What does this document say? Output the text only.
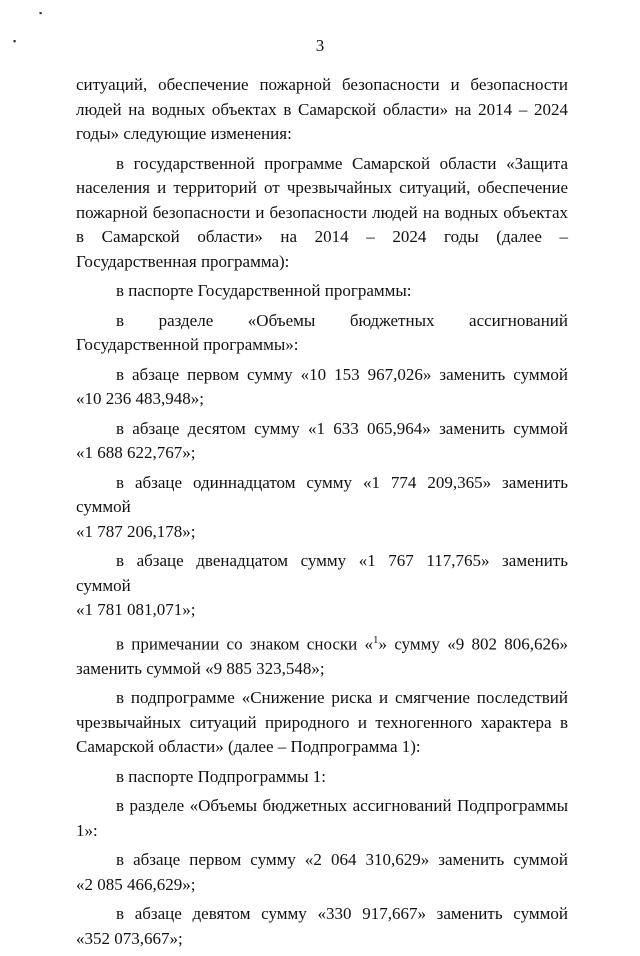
3
▪
▪

ситуаций, обеспечение пожарной безопасности и безопасности людей на водных объектах в Самарской области» на 2014 – 2024 годы» следующие изменения:

в государственной программе Самарской области «Защита населения и территорий от чрезвычайных ситуаций, обеспечение пожарной безопасности и безопасности людей на водных объектах в Самарской области» на 2014 – 2024 годы (далее – Государственная программа):

в паспорте Государственной программы:

в разделе «Объемы бюджетных ассигнований Государственной программы»:

в абзаце первом сумму «10 153 967,026» заменить суммой
«10 236 483,948»;

в абзаце десятом сумму «1 633 065,964» заменить суммой
«1 688 622,767»;

в абзаце одиннадцатом сумму «1 774 209,365» заменить суммой
«1 787 206,178»;

в абзаце двенадцатом сумму «1 767 117,765» заменить суммой
«1 781 081,071»;

в примечании со знаком сноски «$^1$» сумму «9 802 806,626» заменить суммой «9 885 323,548»;

в подпрограмме «Снижение риска и смягчение последствий чрезвычайных ситуаций природного и техногенного характера в Самарской области» (далее – Подпрограмма 1):

в паспорте Подпрограммы 1:

в разделе «Объемы бюджетных ассигнований Подпрограммы 1»:

в абзаце первом сумму «2 064 310,629» заменить суммой
«2 085 466,629»;

в абзаце девятом сумму «330 917,667» заменить суммой
«352 073,667»;
